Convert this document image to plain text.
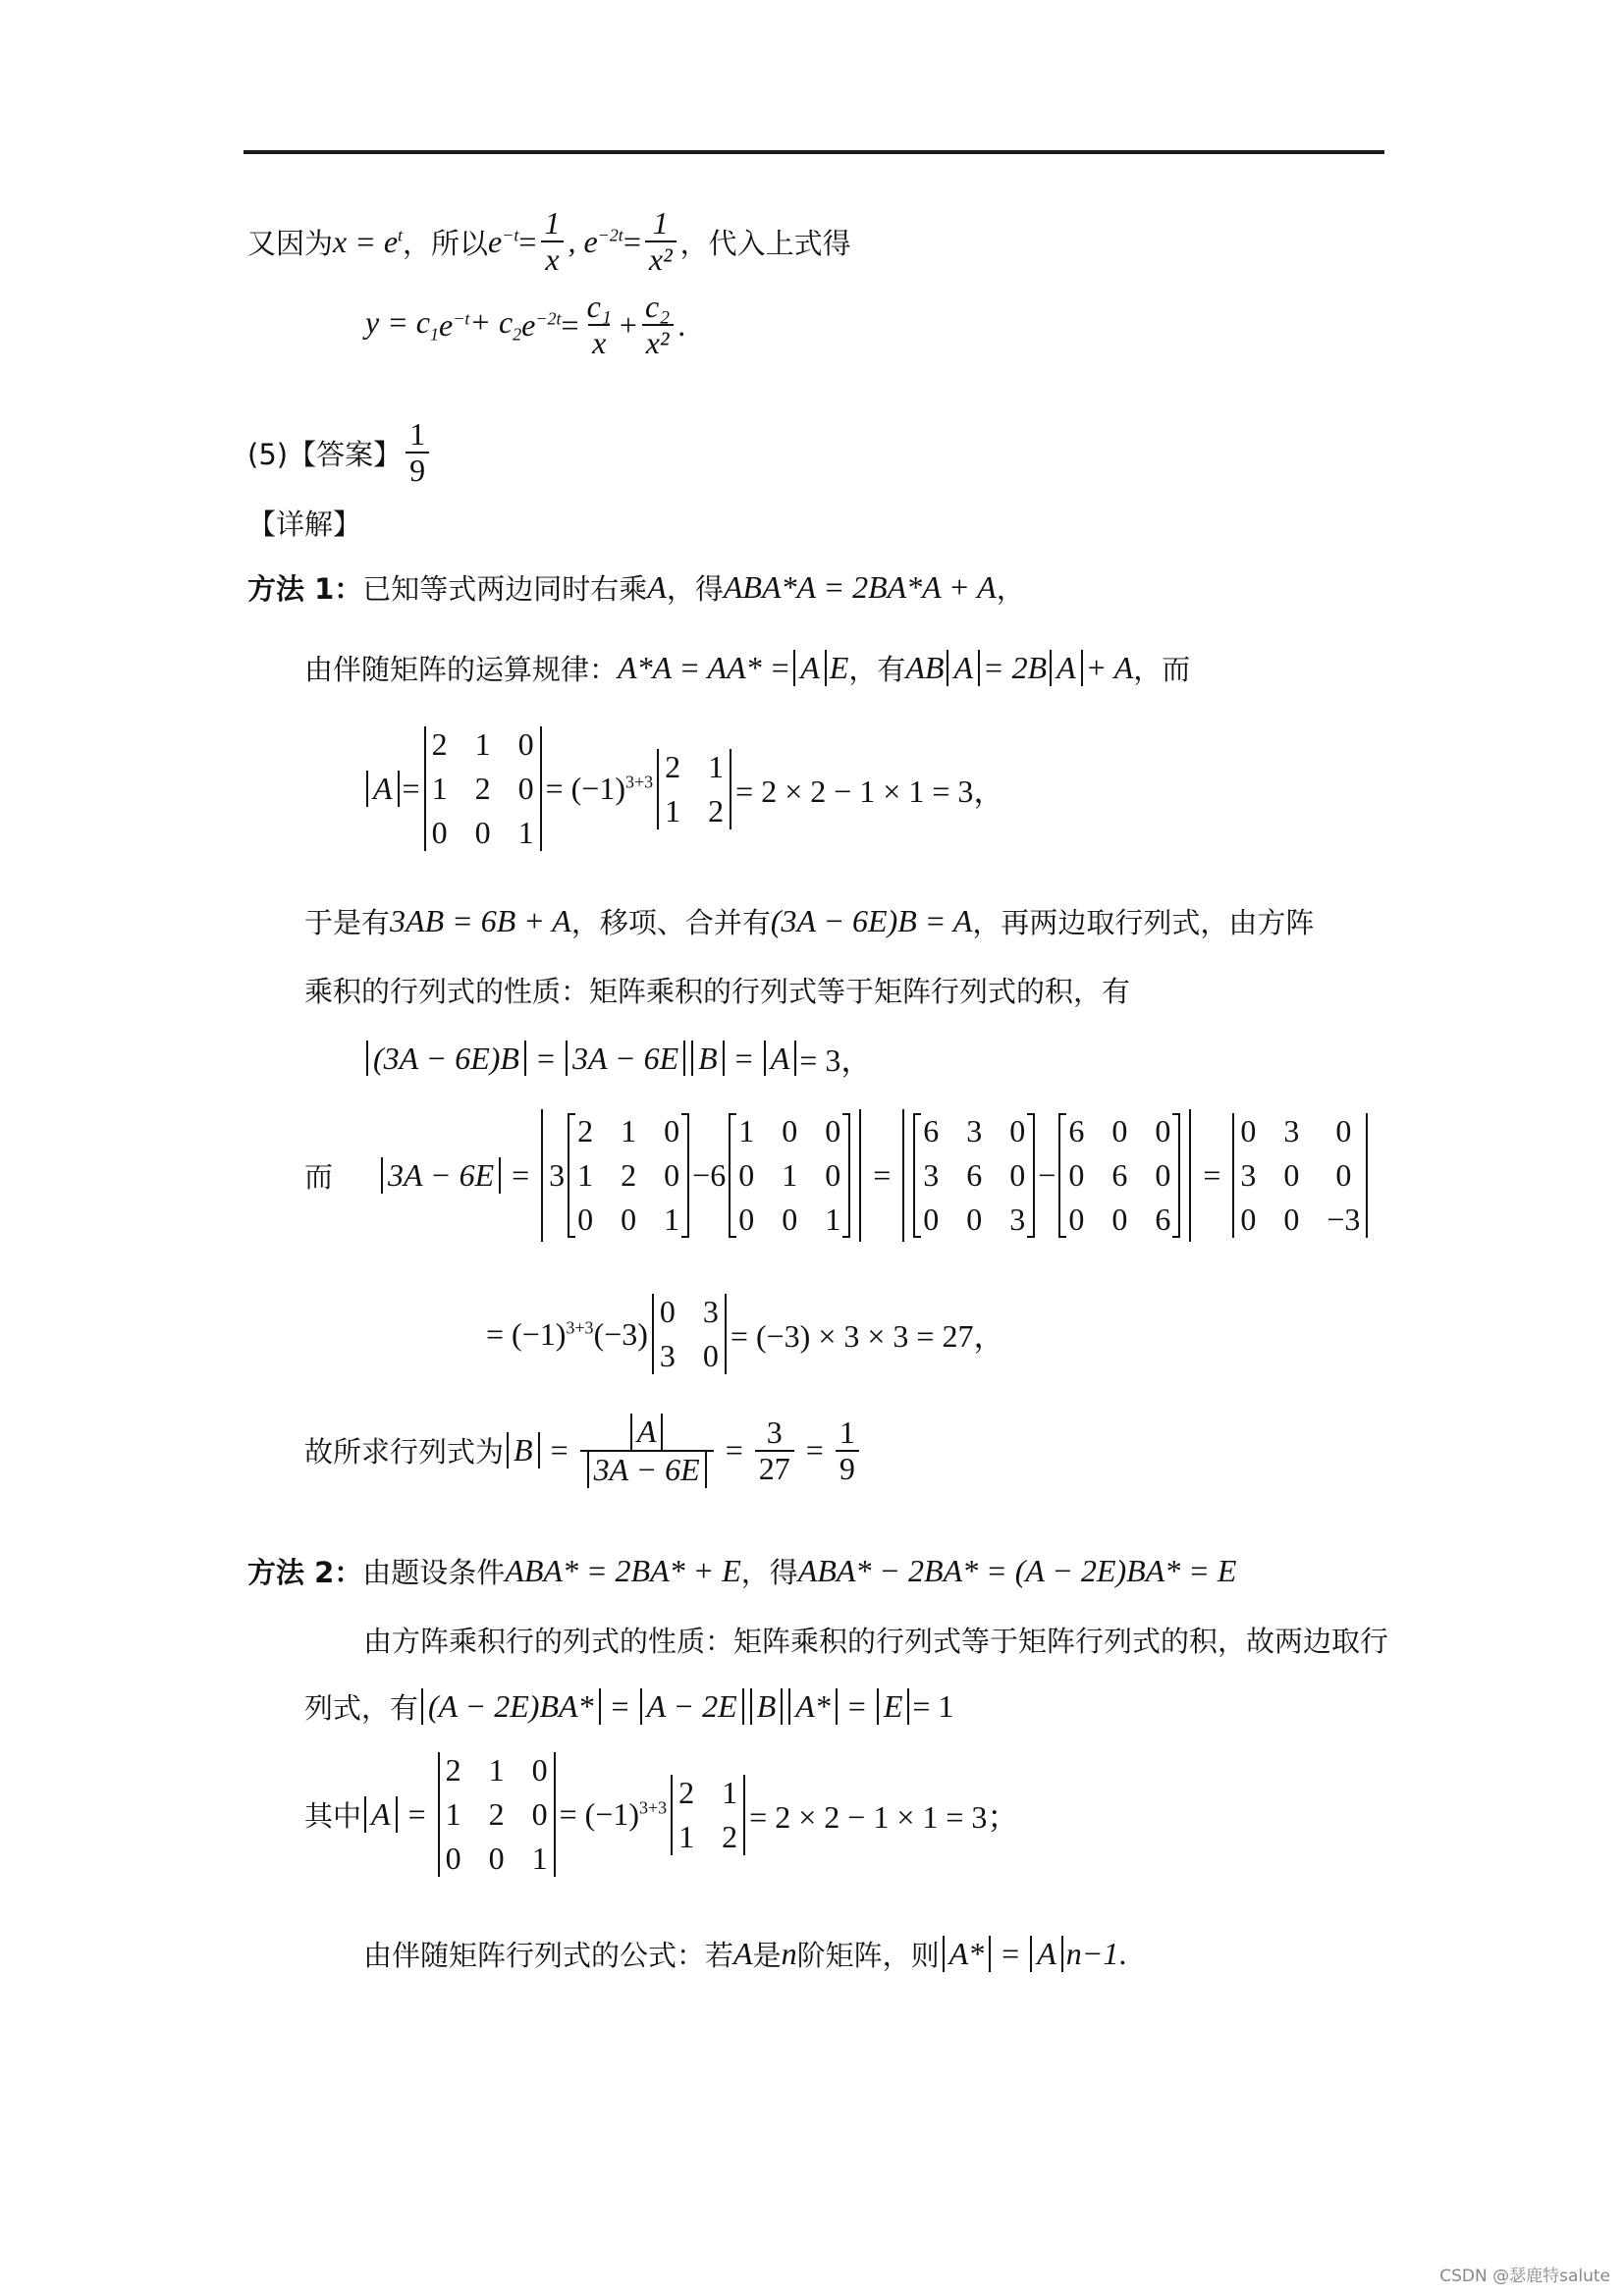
又因为 $x = e^t$ ，所以 $e^{-t} = \frac{1}{x}$ , $e^{-2t} = \frac{1}{\text{x²}}$ ，代入上式得
$y = c_1$ $e^{-t} + c_2$ $e^{-2t} = \frac{\text{c₁}}{x} + \frac{\text{c₂}}{\text{x²}}$ .
(5)【答案】 $\frac{1}{9}$
【详解】
方法 1： 已知等式两边同时右乘 A ，得 ABA*A = 2BA*A + A ，
由伴随矩阵的运算规律： A*A = AA* = A E ，有 AB A = 2B A + A ，而
A =
2 1 0
1 2 0
0 0 1
= $(-1)^{3+3}$ 2 1
1 2
= 2 × 2 − 1 × 1 = 3，
于是有 3AB = 6B + A ，移项、合并有 (3A − 6E)B = A ，再两边取行列式，由方阵
乘积的行列式的性质：矩阵乘积的行列式等于矩阵行列式的积，有
(3A − 6E)B = 3A − 6E B = A = 3，
而 3A − 6E = 3
2 1 0
1 2 0
0 0 1
−6
1 0 0
0 1 0
0 0 1
=
6 3 0
3 6 0
0 0 3
−
6 0 0
0 6 0
0 0 6
=
0 3 0
3 0 0
0 0 −3
= $(-1)^{3+3}$ (−3)
0 3
3 0
= (−3) × 3 × 3 = 27，
故所求行列式为 $B = \frac{A}{3A - 6E} = \frac{3}{27} = \frac{1}{9}$
方法 2： 由题设条件 ABA* = 2BA* + E ，得 ABA* − 2BA* = (A − 2E)BA* = E
由方阵乘积行的列式的性质：矩阵乘积的行列式等于矩阵行列式的积，故两边取行
列式，有 (A − 2E)BA* = A − 2E B A* = E = 1
其中 A =
2 1 0
1 2 0
0 0 1
= $(-1)^{3+3}$ 2 1
1 2
= 2 × 2 − 1 × 1 = 3；
由伴随矩阵行列式的公式：若 A 是 n 阶矩阵，则 A* = A n−1 .
CSDN @瑟鹿特salute
